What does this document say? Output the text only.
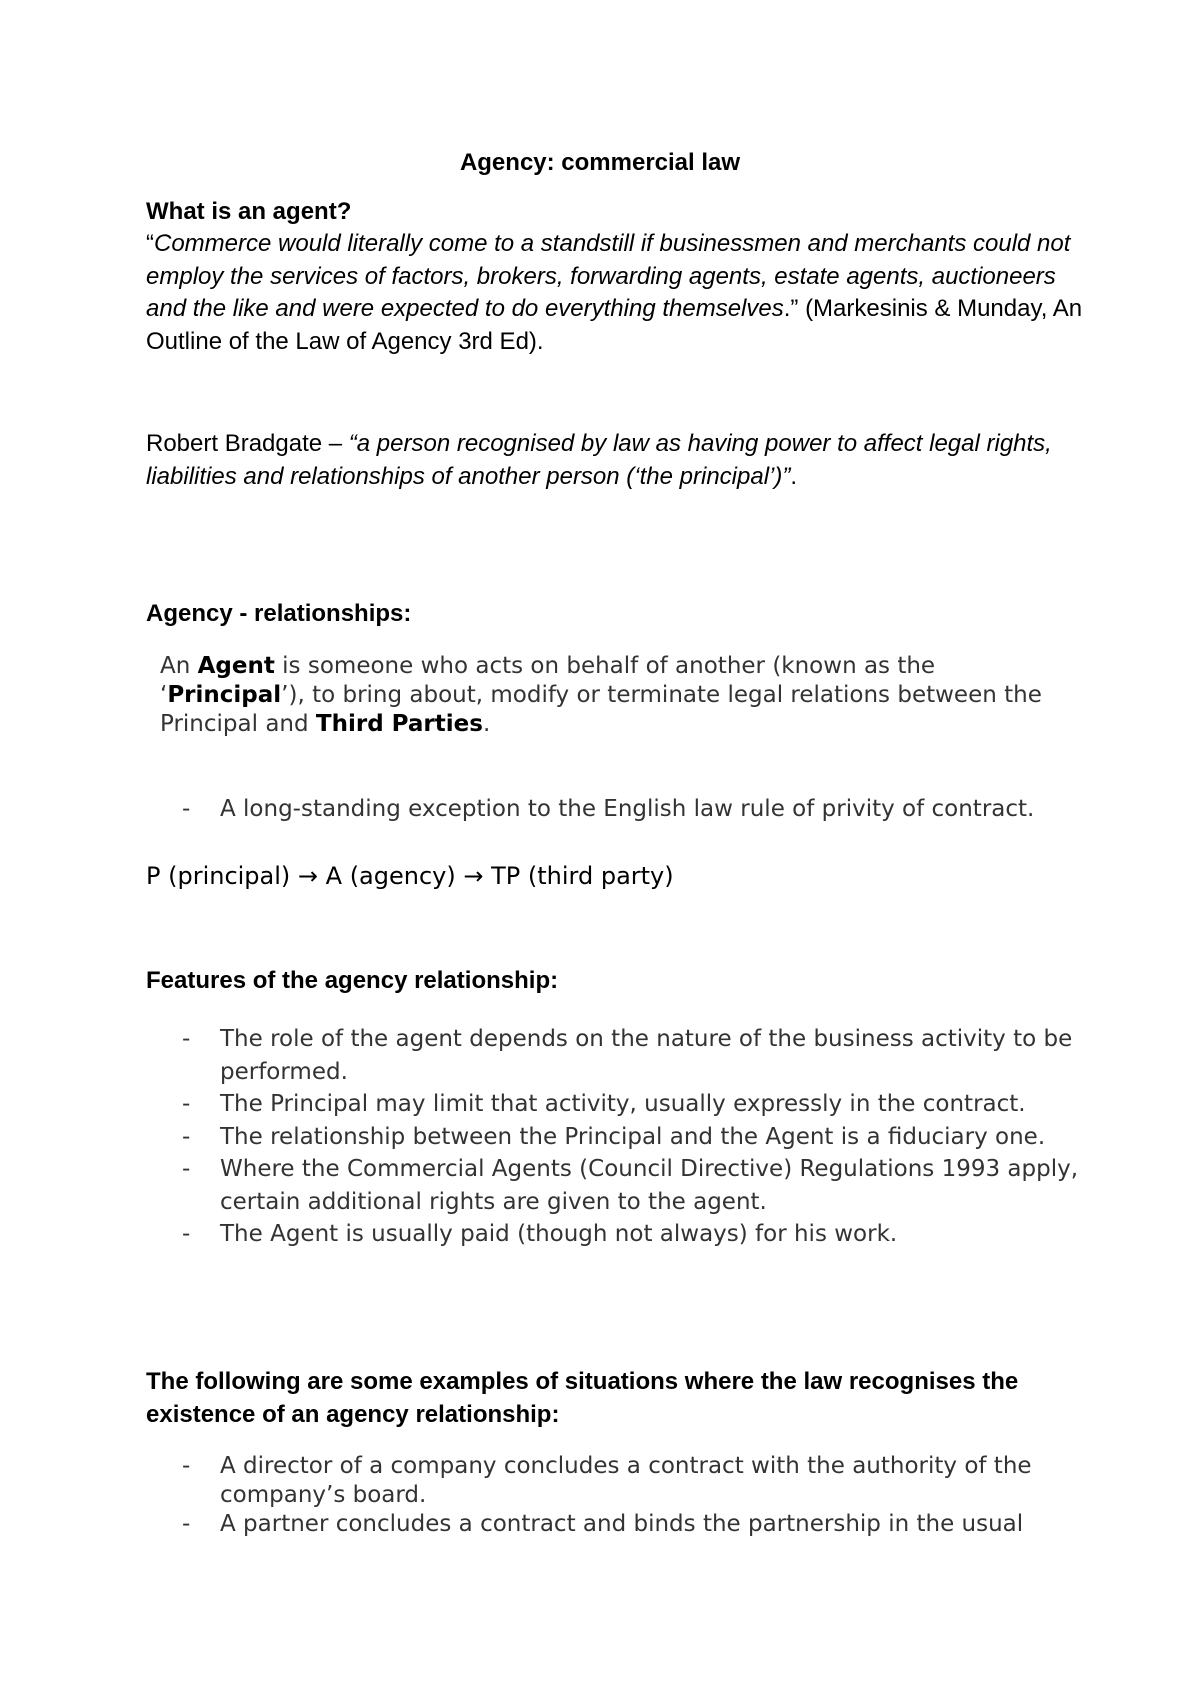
Agency: commercial law
What is an agent?
“Commerce would literally come to a standstill if businessmen and merchants could not employ the services of factors, brokers, forwarding agents, estate agents, auctioneers and the like and were expected to do everything themselves.” (Markesinis & Munday, An Outline of the Law of Agency 3rd Ed).
Robert Bradgate – “a person recognised by law as having power to affect legal rights, liabilities and relationships of another person (‘the principal’)”.
Agency - relationships:
An Agent is someone who acts on behalf of another (known as the ‘Principal’), to bring about, modify or terminate legal relations between the Principal and Third Parties.
- A long-standing exception to the English law rule of privity of contract.
P (principal) → A (agency) → TP (third party)
Features of the agency relationship:
- The role of the agent depends on the nature of the business activity to be performed.
- The Principal may limit that activity, usually expressly in the contract.
- The relationship between the Principal and the Agent is a fiduciary one.
- Where the Commercial Agents (Council Directive) Regulations 1993 apply, certain additional rights are given to the agent.
- The Agent is usually paid (though not always) for his work.
The following are some examples of situations where the law recognises the existence of an agency relationship:
- A director of a company concludes a contract with the authority of the company’s board.
- A partner concludes a contract and binds the partnership in the usual
